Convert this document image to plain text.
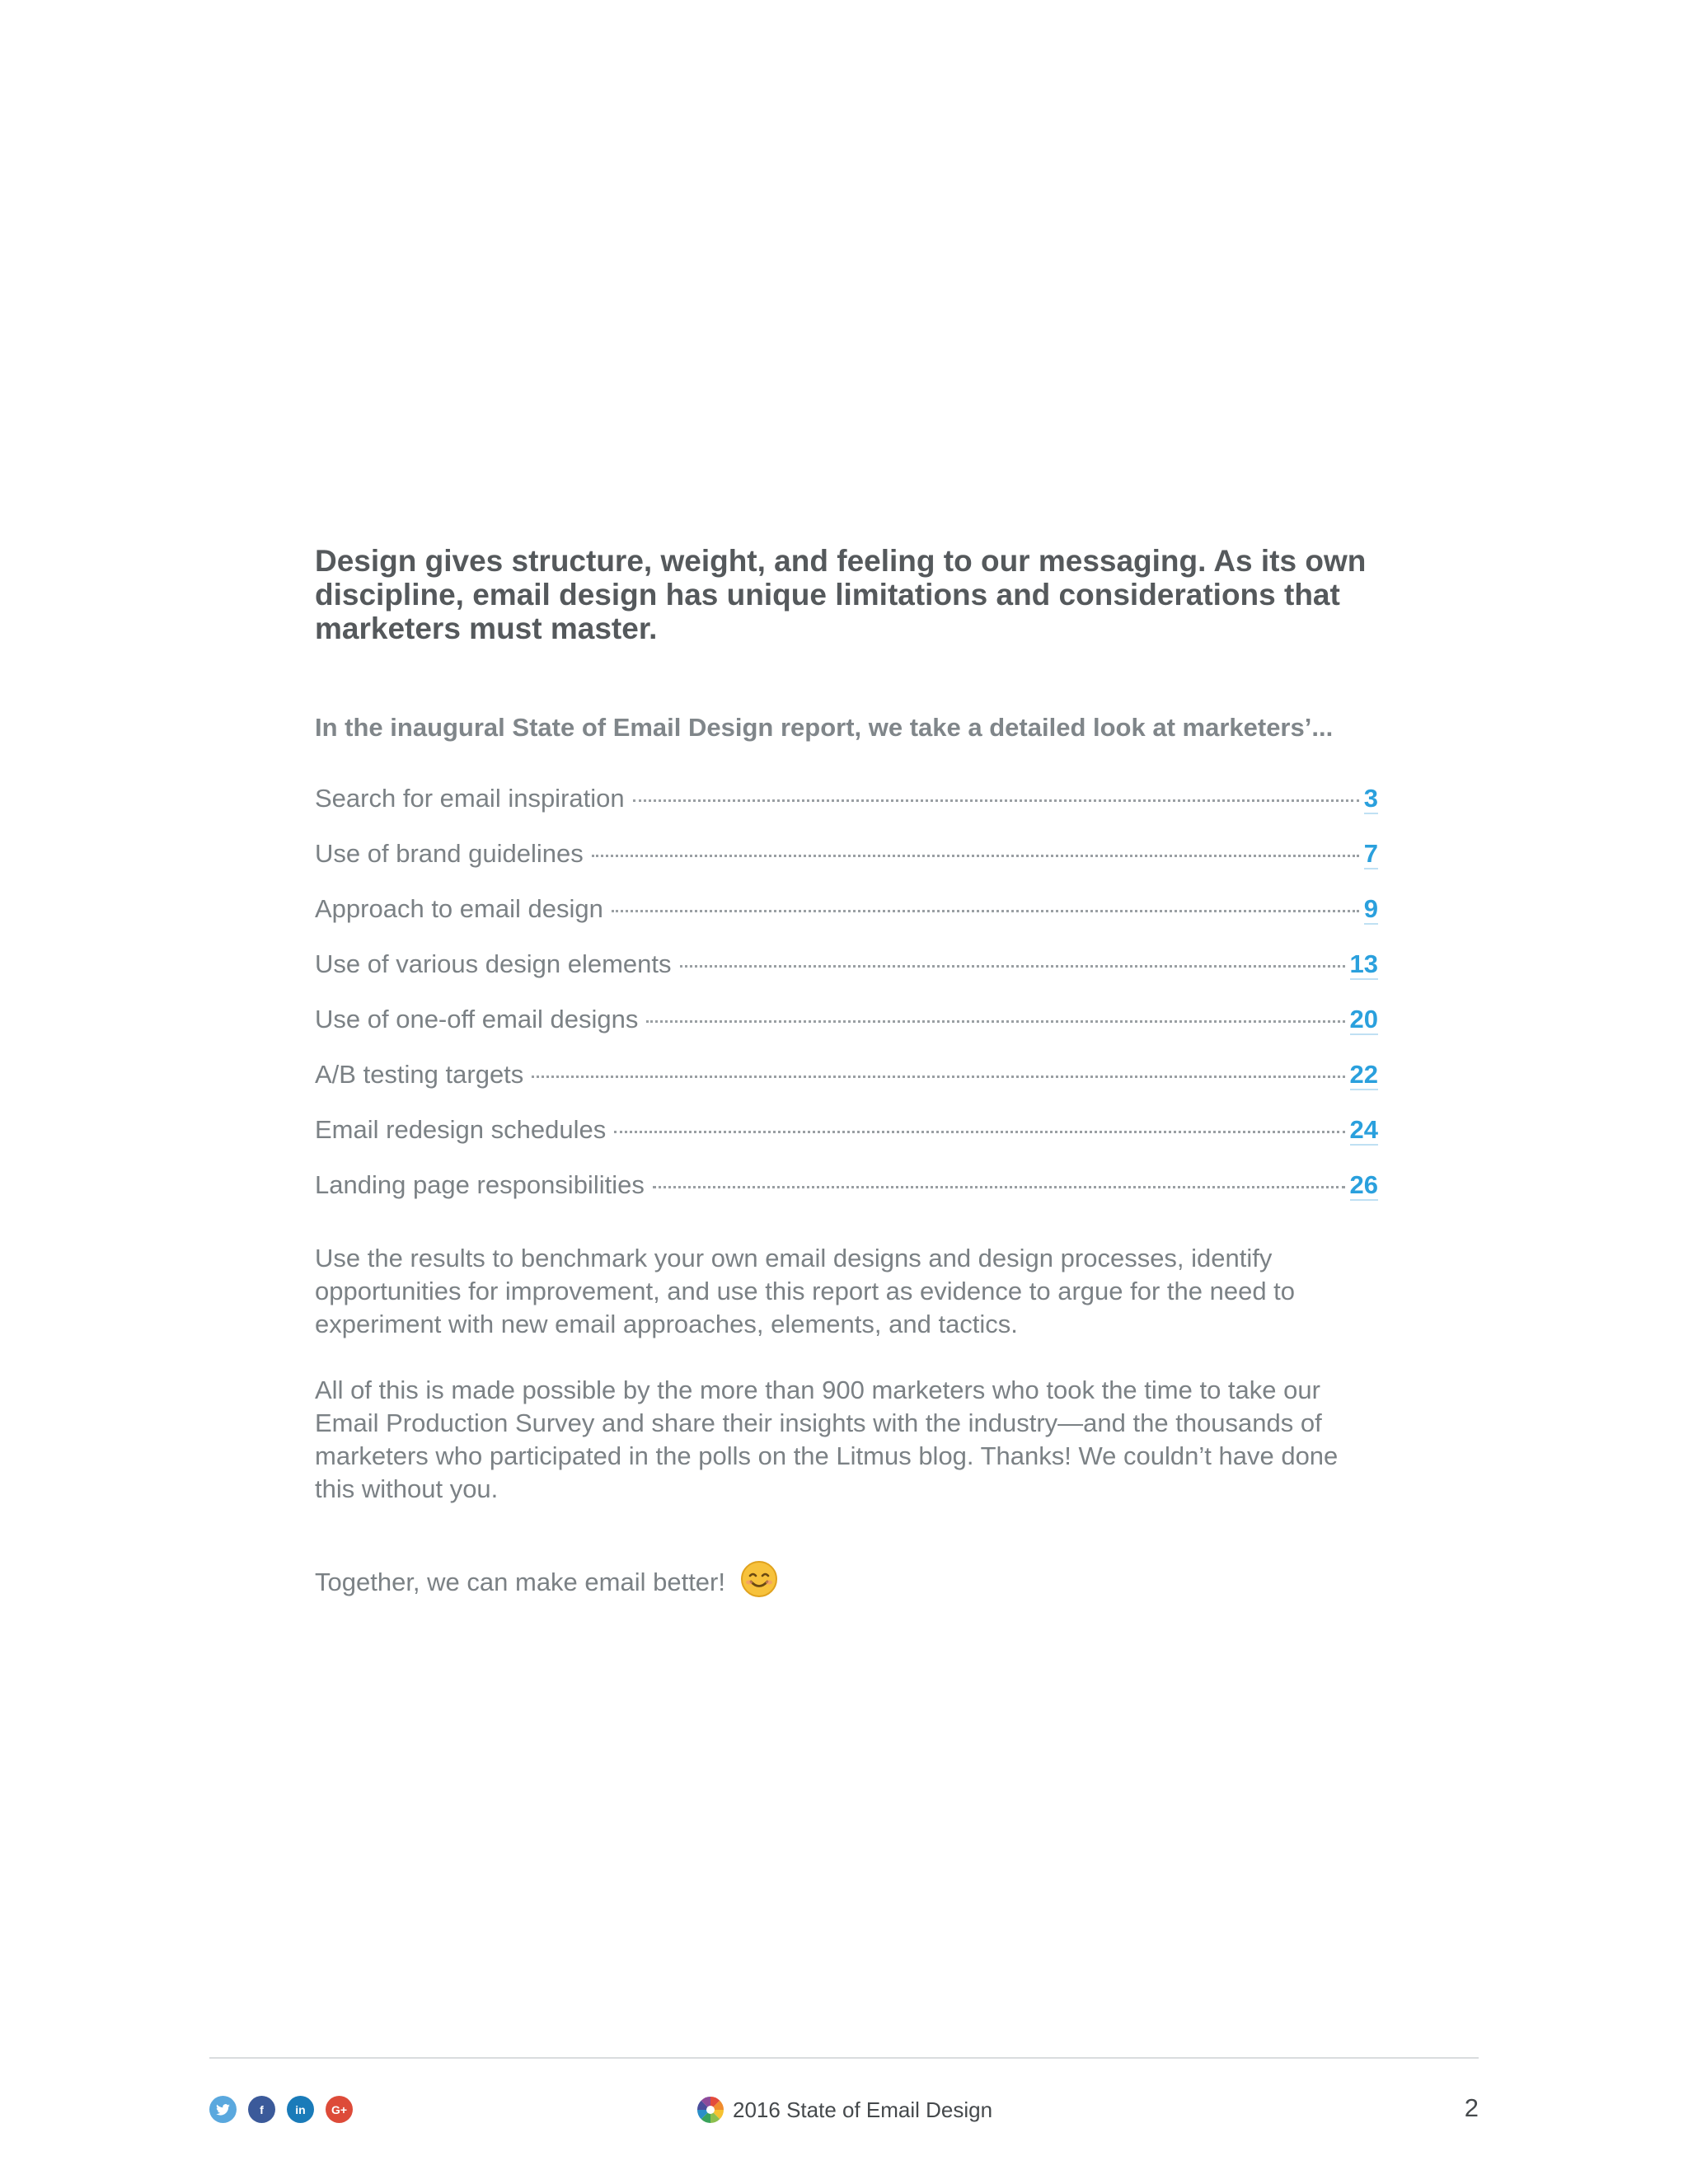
Design gives structure, weight, and feeling to our messaging. As its own discipline, email design has unique limitations and considerations that marketers must master.

In the inaugural State of Email Design report, we take a detailed look at marketers’...

Search for email inspiration	3
Use of brand guidelines	7
Approach to email design	9
Use of various design elements	13
Use of one-off email designs	20
A/B testing targets	22
Email redesign schedules	24
Landing page responsibilities	26

Use the results to benchmark your own email designs and design processes, identify opportunities for improvement, and use this report as evidence to argue for the need to experiment with new email approaches, elements, and tactics.

All of this is made possible by the more than 900 marketers who took the time to take our Email Production Survey and share their insights with the industry—and the thousands of marketers who participated in the polls on the Litmus blog. Thanks! We couldn’t have done this without you.

Together, we can make email better!
f	in	G+	2016 State of Email Design	2
